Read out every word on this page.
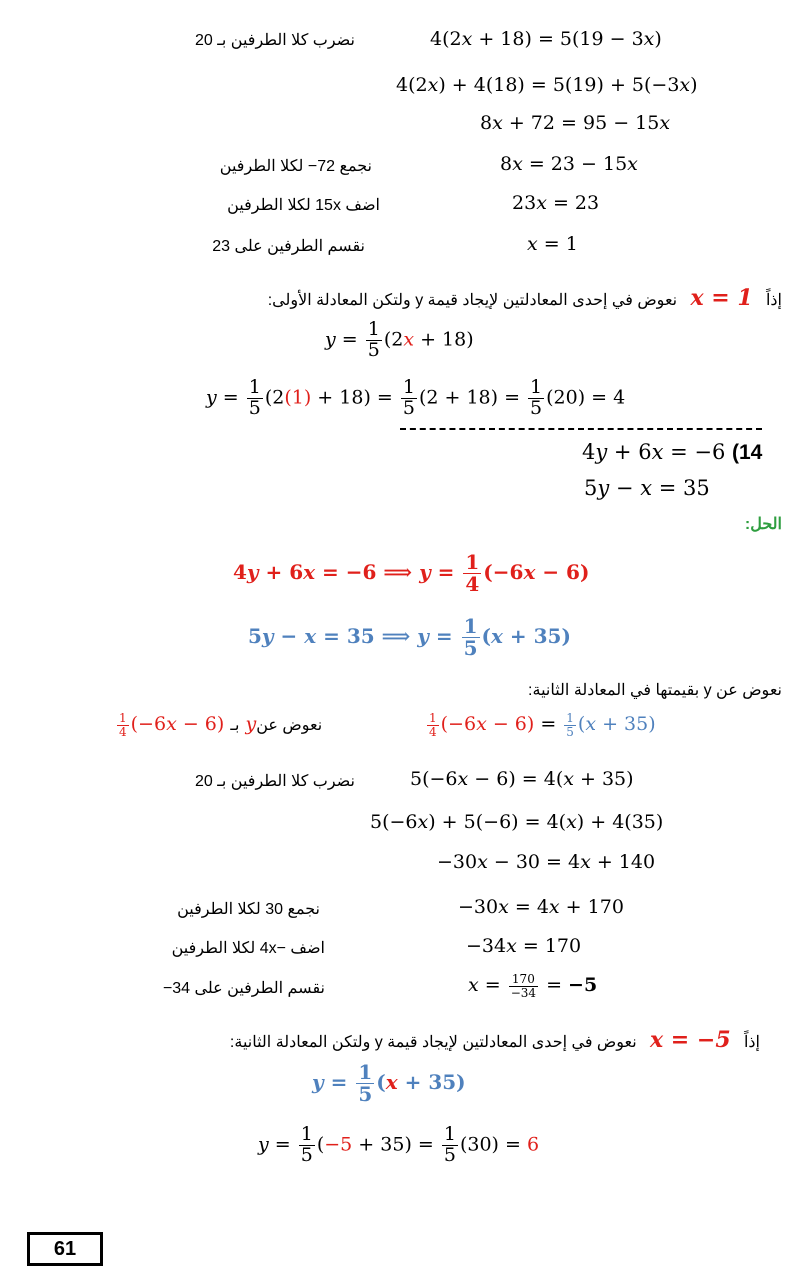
4(2x + 18) = 5(19 − 3x)
نضرب كلا الطرفين بـ 20
4(2x) + 4(18) = 5(19) + 5(−3x)
8x + 72 = 95 − 15x
8x = 23 − 15x
نجمع 72− لكلا الطرفين
23x = 23
اضف 15x لكلا الطرفين
x = 1
نقسم الطرفين على 23
إذاً   x = 1   نعوض في إحدى المعادلتين لإيجاد قيمة y ولتكن المعادلة الأولى:
$y = \frac{1}{5} (2x + 18)$
$y = \frac{1}{5} (2(1) + 18) = \frac{1}{5} (2 + 18) = \frac{1}{5} (20) = 4$
4y + 6x = −6 (14
5y − x = 35
الحل:
4y + 6x = −6 ⟹ $y = \frac{1}{4} (-6x - 6)$
5y − x = 35 ⟹ $y = \frac{1}{5} (x + 35)$
نعوض عن y بقيمتها في المعادلة الثانية:
$\frac{1}{4} (-6x - 6) = \frac{1}{5} (x + 35)$
$\frac{1}{4} (-6x - 6)$ بـ yنعوض عن
5(−6x − 6) = 4(x + 35)
نضرب كلا الطرفين بـ 20
5(−6x) + 5(−6) = 4(x) + 4(35)
−30x − 30 = 4x + 140
−30x = 4x + 170
نجمع 30 لكلا الطرفين
−34x = 170
اضف −4x لكلا الطرفين
$x = \frac{170}{-34} = -5$
نقسم الطرفين على 34−
إذاً   x = −5   نعوض في إحدى المعادلتين لإيجاد قيمة y ولتكن المعادلة الثانية:
$y = \frac{1}{5} (x + 35)$
$y = \frac{1}{5} (-5 + 35) = \frac{1}{5} (30) = 6$
61
